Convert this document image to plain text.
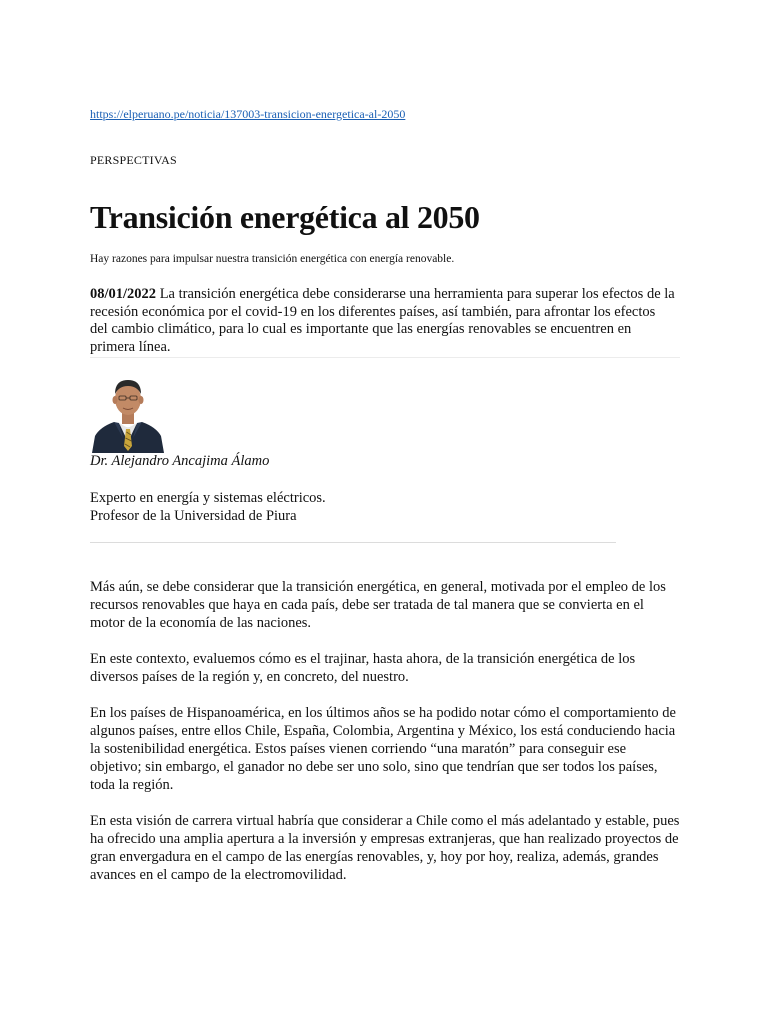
https://elperuano.pe/noticia/137003-transicion-energetica-al-2050
PERSPECTIVAS
Transición energética al 2050
Hay razones para impulsar nuestra transición energética con energía renovable.

08/01/2022 La transición energética debe considerarse una herramienta para superar los efectos de la recesión económica por el covid-19 en los diferentes países, así también, para afrontar los efectos del cambio climático, para lo cual es importante que las energías renovables se encuentren en primera línea.

Dr. Alejandro Ancajima Álamo
Experto en energía y sistemas eléctricos.
Profesor de la Universidad de Piura

Más aún, se debe considerar que la transición energética, en general, motivada por el empleo de los recursos renovables que haya en cada país, debe ser tratada de tal manera que se convierta en el motor de la economía de las naciones.

En este contexto, evaluemos cómo es el trajinar, hasta ahora, de la transición energética de los diversos países de la región y, en concreto, del nuestro.

En los países de Hispanoamérica, en los últimos años se ha podido notar cómo el comportamiento de algunos países, entre ellos Chile, España, Colombia, Argentina y México, los está conduciendo hacia la sostenibilidad energética. Estos países vienen corriendo “una maratón” para conseguir ese objetivo; sin embargo, el ganador no debe ser uno solo, sino que tendrían que ser todos los países, toda la región.

En esta visión de carrera virtual habría que considerar a Chile como el más adelantado y estable, pues ha ofrecido una amplia apertura a la inversión y empresas extranjeras, que han realizado proyectos de gran envergadura en el campo de las energías renovables, y, hoy por hoy, realiza, además, grandes avances en el campo de la electromovilidad.
